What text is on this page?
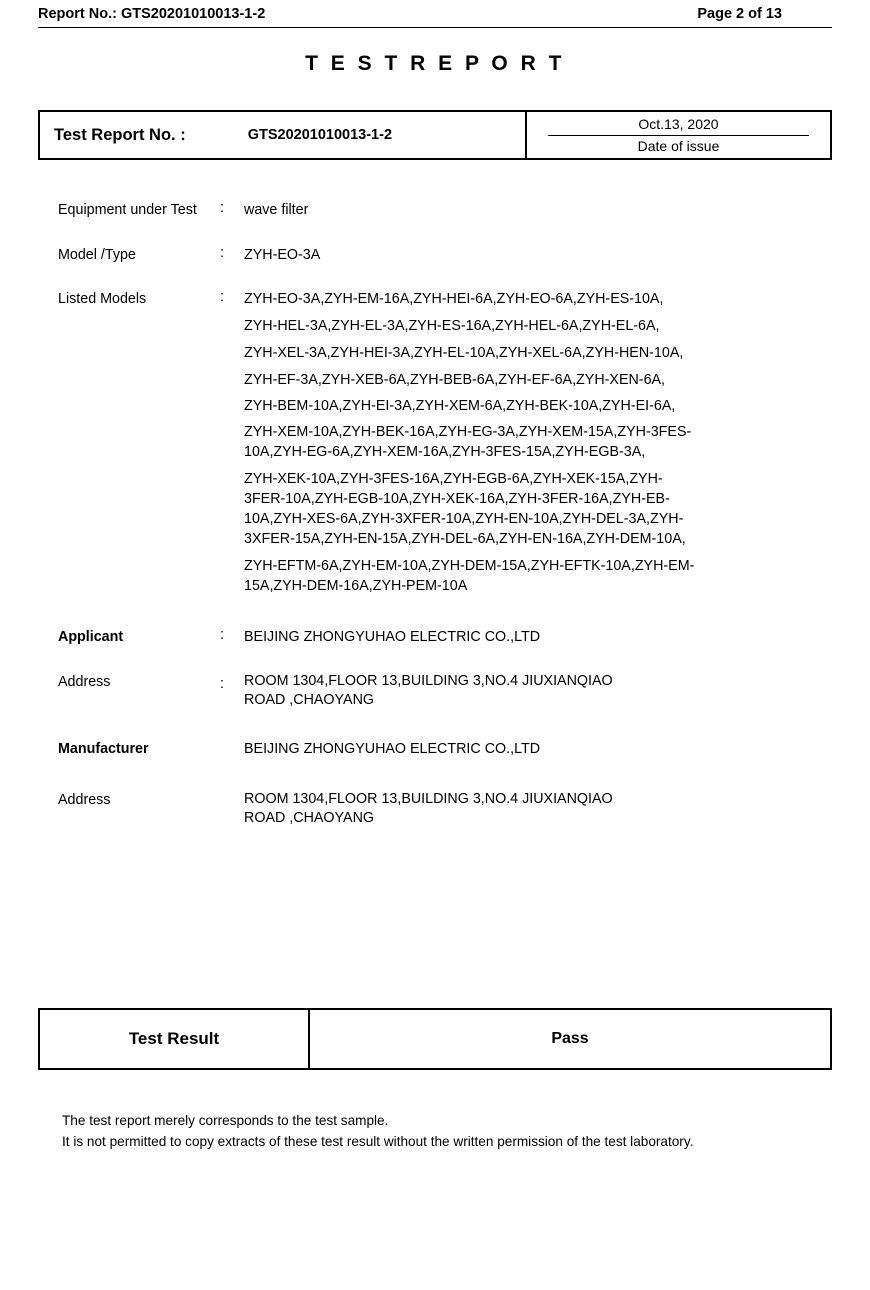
Report No.: GTS20201010013-1-2	Page 2 of 13
T E S T R E P O R T
Test Report No. :	GTS20201010013-1-2
Oct.13, 2020
Date of issue
Equipment under Test	:	wave filter
Model /Type	:	ZYH-EO-3A
Listed Models	:	ZYH-EO-3A,ZYH-EM-16A,ZYH-HEI-6A,ZYH-EO-6A,ZYH-ES-10A,
ZYH-HEL-3A,ZYH-EL-3A,ZYH-ES-16A,ZYH-HEL-6A,ZYH-EL-6A,
ZYH-XEL-3A,ZYH-HEI-3A,ZYH-EL-10A,ZYH-XEL-6A,ZYH-HEN-10A,
ZYH-EF-3A,ZYH-XEB-6A,ZYH-BEB-6A,ZYH-EF-6A,ZYH-XEN-6A,
ZYH-BEM-10A,ZYH-EI-3A,ZYH-XEM-6A,ZYH-BEK-10A,ZYH-EI-6A,
ZYH-XEM-10A,ZYH-BEK-16A,ZYH-EG-3A,ZYH-XEM-15A,ZYH-3FES-
10A,ZYH-EG-6A,ZYH-XEM-16A,ZYH-3FES-15A,ZYH-EGB-3A,
ZYH-XEK-10A,ZYH-3FES-16A,ZYH-EGB-6A,ZYH-XEK-15A,ZYH-
3FER-10A,ZYH-EGB-10A,ZYH-XEK-16A,ZYH-3FER-16A,ZYH-EB-
10A,ZYH-XES-6A,ZYH-3XFER-10A,ZYH-EN-10A,ZYH-DEL-3A,ZYH-
3XFER-15A,ZYH-EN-15A,ZYH-DEL-6A,ZYH-EN-16A,ZYH-DEM-10A,
ZYH-EFTM-6A,ZYH-EM-10A,ZYH-DEM-15A,ZYH-EFTK-10A,ZYH-EM-
15A,ZYH-DEM-16A,ZYH-PEM-10A
Applicant	:	BEIJING ZHONGYUHAO ELECTRIC CO.,LTD
Address	:	ROOM 1304,FLOOR 13,BUILDING 3,NO.4 JIUXIANQIAO
ROAD ,CHAOYANG
Manufacturer	BEIJING ZHONGYUHAO ELECTRIC CO.,LTD
Address	ROOM 1304,FLOOR 13,BUILDING 3,NO.4 JIUXIANQIAO
ROAD ,CHAOYANG
Test Result	Pass
The test report merely corresponds to the test sample.
It is not permitted to copy extracts of these test result without the written permission of the test laboratory.
